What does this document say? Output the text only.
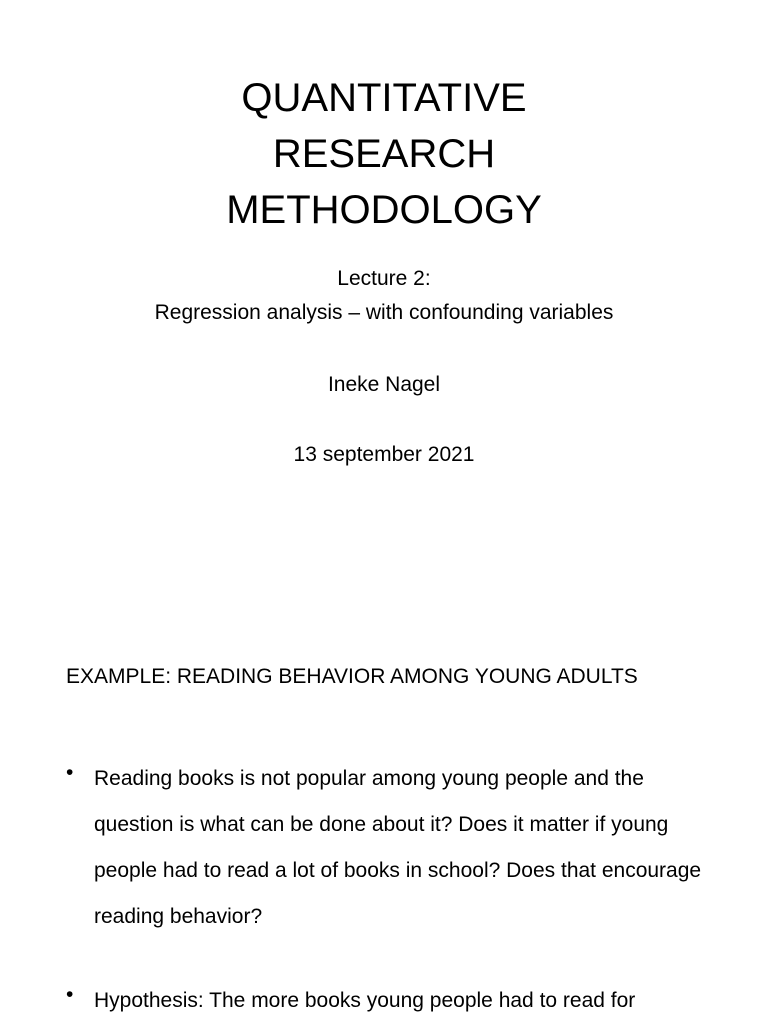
QUANTITATIVE
RESEARCH
METHODOLOGY
Lecture 2:
Regression analysis – with confounding variables
Ineke Nagel
13 september 2021
EXAMPLE: READING BEHAVIOR AMONG YOUNG ADULTS
• Reading books is not popular among young people and the question is what can be done about it? Does it matter if young people had to read a lot of books in school? Does that encourage reading behavior?
• Hypothesis: The more books young people had to read for
